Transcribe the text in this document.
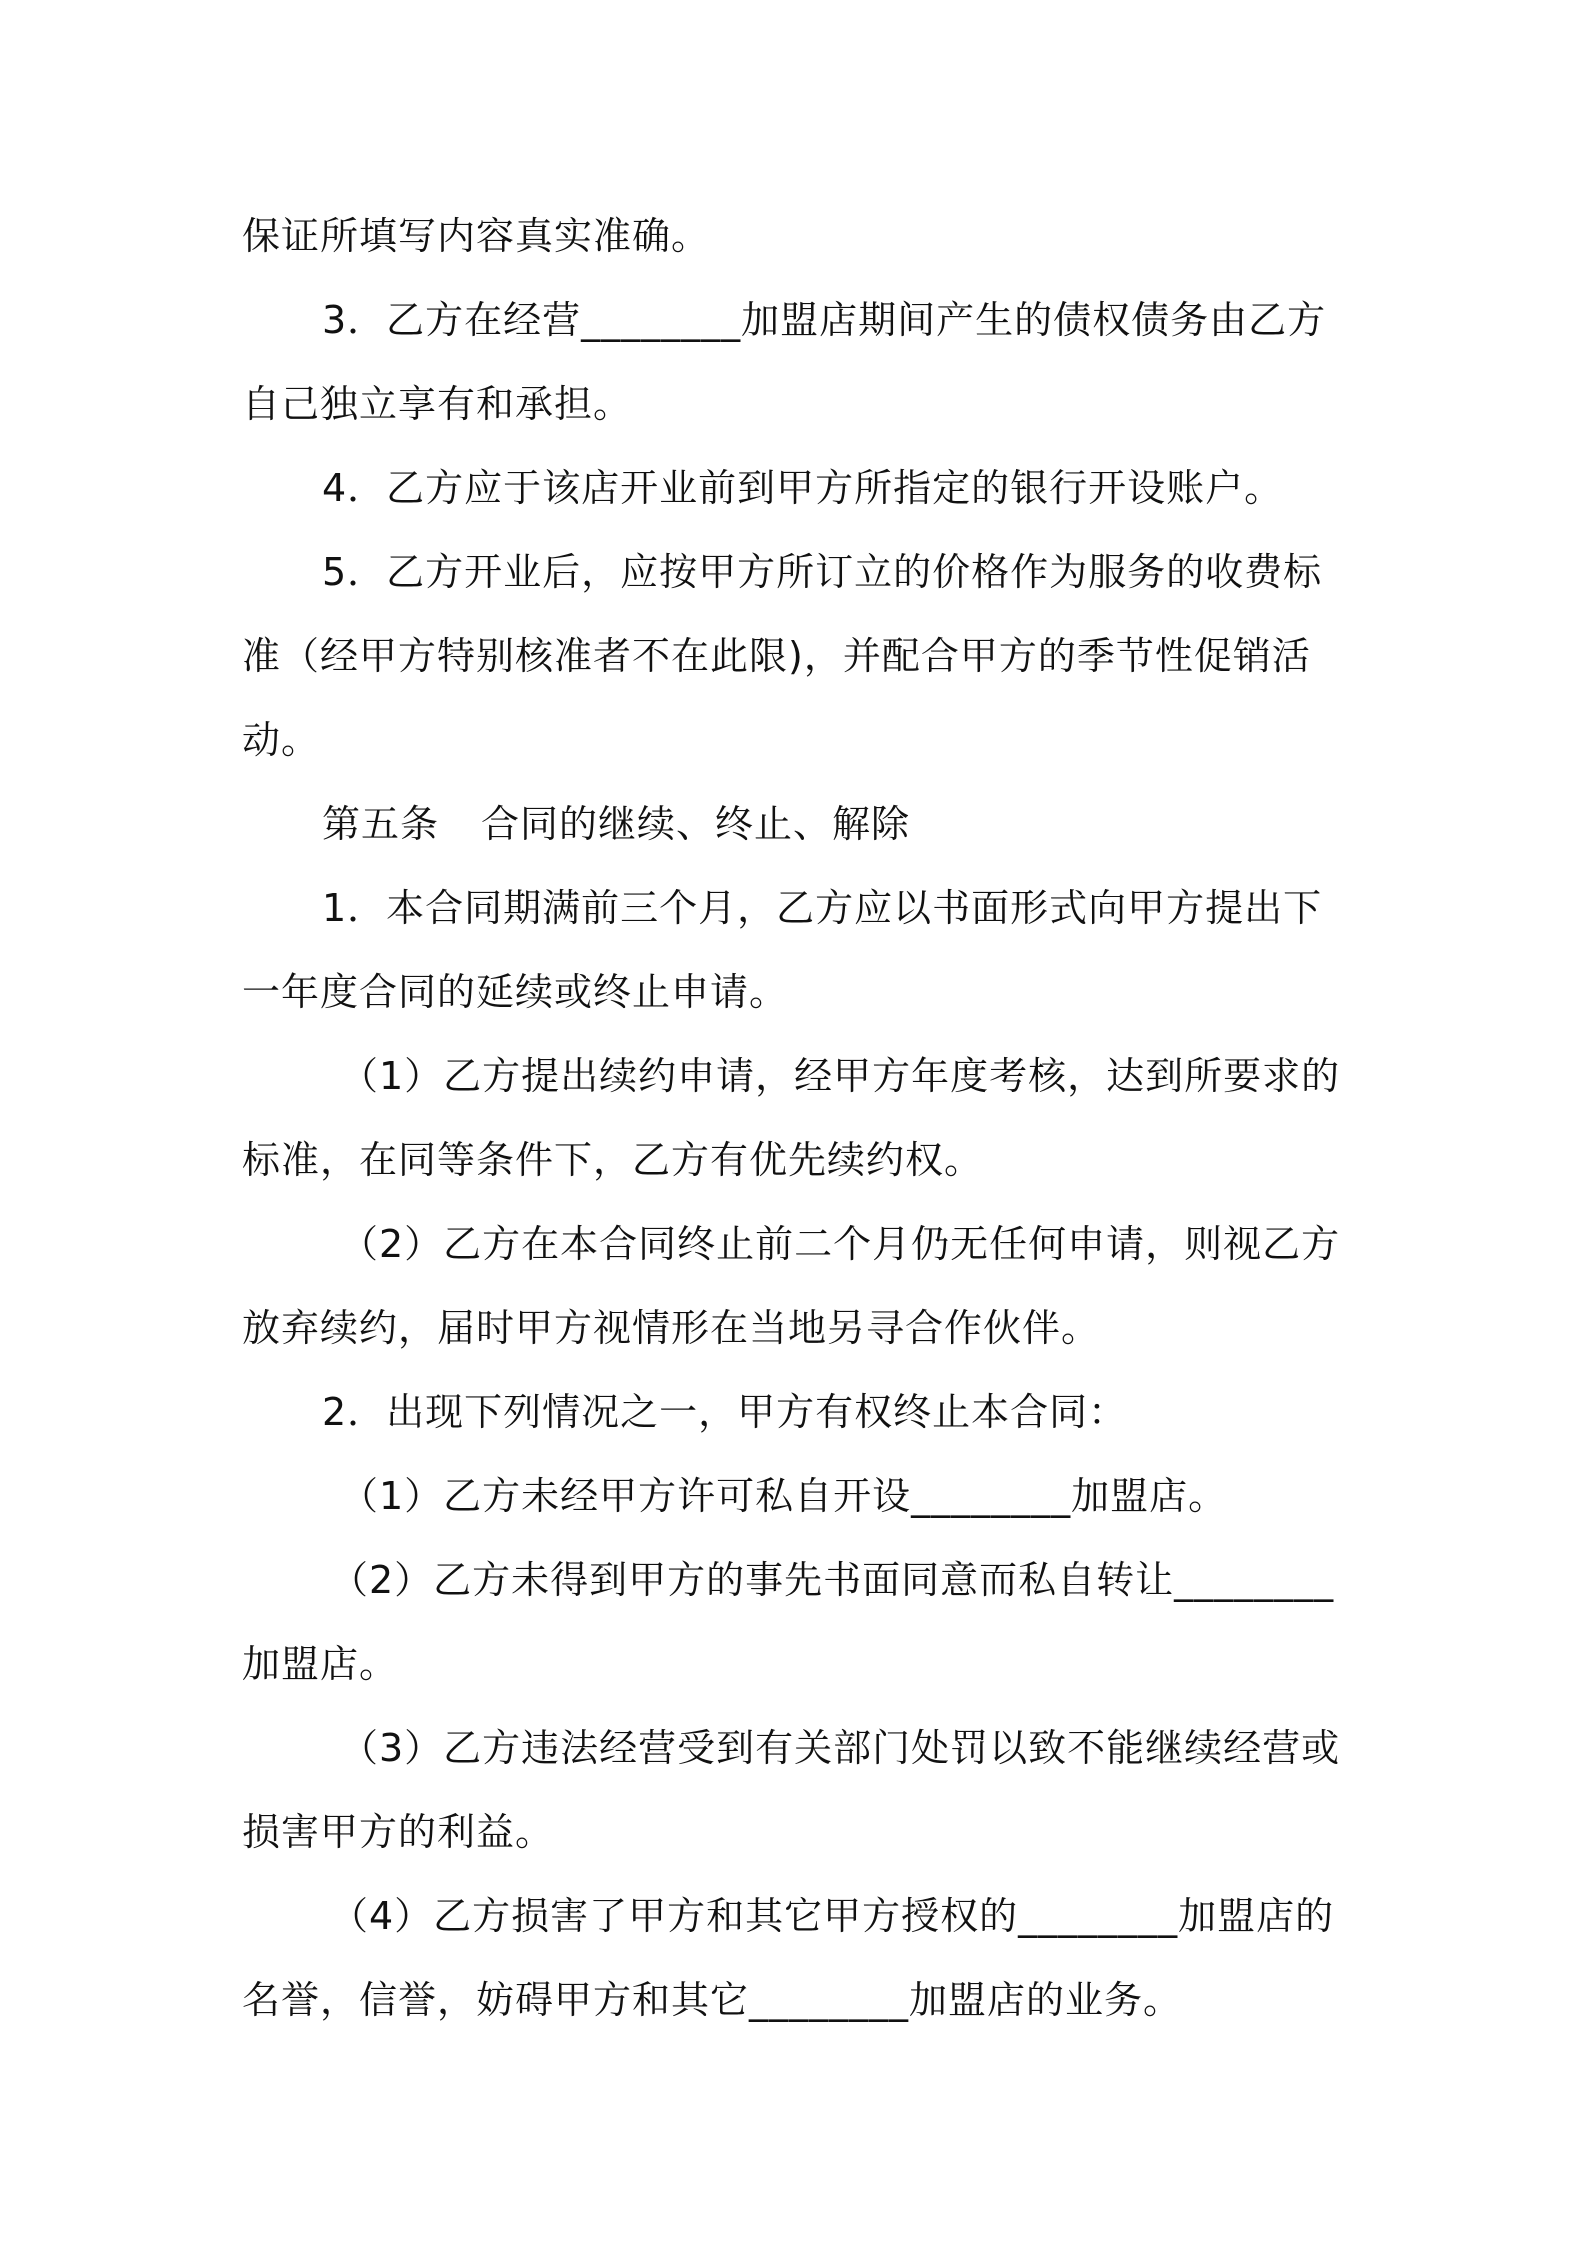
保证所填写内容真实准确。

3．乙方在经营________加盟店期间产生的债权债务由乙方

自己独立享有和承担。

4．乙方应于该店开业前到甲方所指定的银行开设账户。

5．乙方开业后，应按甲方所订立的价格作为服务的收费标

准（经甲方特别核准者不在此限)，并配合甲方的季节性促销活

动。

第五条 合同的继续、终止、解除

1．本合同期满前三个月，乙方应以书面形式向甲方提出下

一年度合同的延续或终止申请。

（1）乙方提出续约申请，经甲方年度考核，达到所要求的

标准，在同等条件下，乙方有优先续约权。

（2）乙方在本合同终止前二个月仍无任何申请，则视乙方

放弃续约，届时甲方视情形在当地另寻合作伙伴。

2．出现下列情况之一，甲方有权终止本合同：

（1）乙方未经甲方许可私自开设________加盟店。

（2）乙方未得到甲方的事先书面同意而私自转让________

加盟店。

（3）乙方违法经营受到有关部门处罚以致不能继续经营或

损害甲方的利益。

（4）乙方损害了甲方和其它甲方授权的________加盟店的

名誉，信誉，妨碍甲方和其它________加盟店的业务。
